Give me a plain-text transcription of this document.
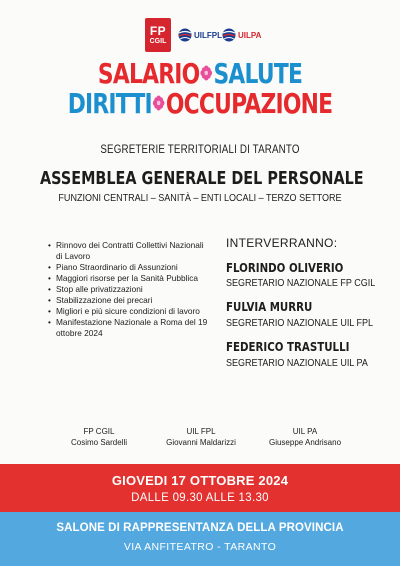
FP
CGIL
UILFPL UILPA
SALARIO SALUTE
DIRITTI OCCUPAZIONE
SEGRETERIE TERRITORIALI DI TARANTO
ASSEMBLEA GENERALE DEL PERSONALE
FUNZIONI CENTRALI – SANITÀ – ENTI LOCALI – TERZO SETTORE
• Rinnovo dei Contratti Collettivi Nazionali di Lavoro
• Piano Straordinario di Assunzioni
• Maggiori risorse per la Sanità Pubblica
• Stop alle privatizzazioni
• Stabilizzazione dei precari
• Migliori e più sicure condizioni di lavoro
• Manifestazione Nazionale a Roma del 19 ottobre 2024
INTERVERRANNO:
FLORINDO OLIVERIO
SEGRETARIO NAZIONALE FP CGIL
FULVIA MURRU
SEGRETARIO NAZIONALE UIL FPL
FEDERICO TRASTULLI
SEGRETARIO NAZIONALE UIL PA
FP CGIL
Cosimo Sardelli
UIL FPL
Giovanni Maldarizzi
UIL PA
Giuseppe Andrisano
GIOVEDI 17 OTTOBRE 2024
DALLE 09.30 ALLE 13.30
SALONE DI RAPPRESENTANZA DELLA PROVINCIA
VIA ANFITEATRO - TARANTO
